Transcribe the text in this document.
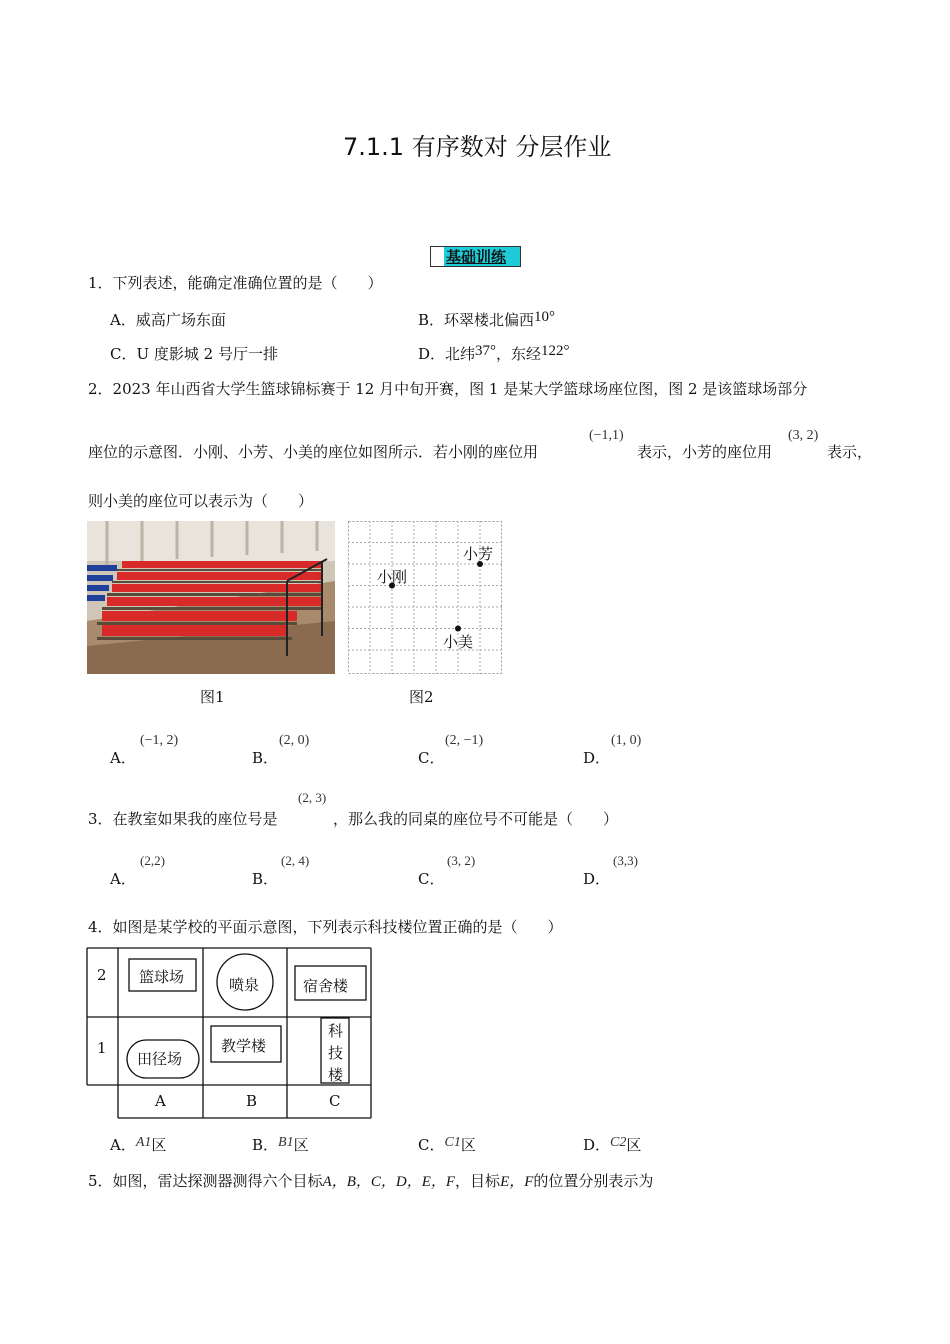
7.1.1 有序数对 分层作业
基础训练
1．下列表述，能确定准确位置的是（　　）
A．威高广场东面	B．环翠楼北偏西10°
C．U 度影城 2 号厅一排	D．北纬37°，东经122°
2．2023 年山西省大学生篮球锦标赛于 12 月中旬开赛，图 1 是某大学篮球场座位图，图 2 是该篮球场部分
座位的示意图．小刚、小芳、小美的座位如图所示．若小刚的座位用
(−1,1)
表示，小芳的座位用
(3, 2)
表示，
则小美的座位可以表示为（　　）
图1
小芳
小刚
小美
图2
A．
(−1, 2)
B．
(2, 0)
C．
(2, −1)
D．
(1, 0)
(2, 3)
3．在教室如果我的座位号是	，那么我的同桌的座位号不可能是（　　）
A．
(2,2)
B．
(2, 4)
C．
(3, 2)
D．
(3,3)
4．如图是某学校的平面示意图，下列表示科技楼位置正确的是（　　）
2
1
A	B	C
篮球场	喷泉	宿舍楼
田径场
教学楼
科
技
楼
A．A1区	B．B1区	C．C1区	D．C2区
5．如图，雷达探测器测得六个目标A，B，C，D，E，F，目标E，F的位置分别表示为
